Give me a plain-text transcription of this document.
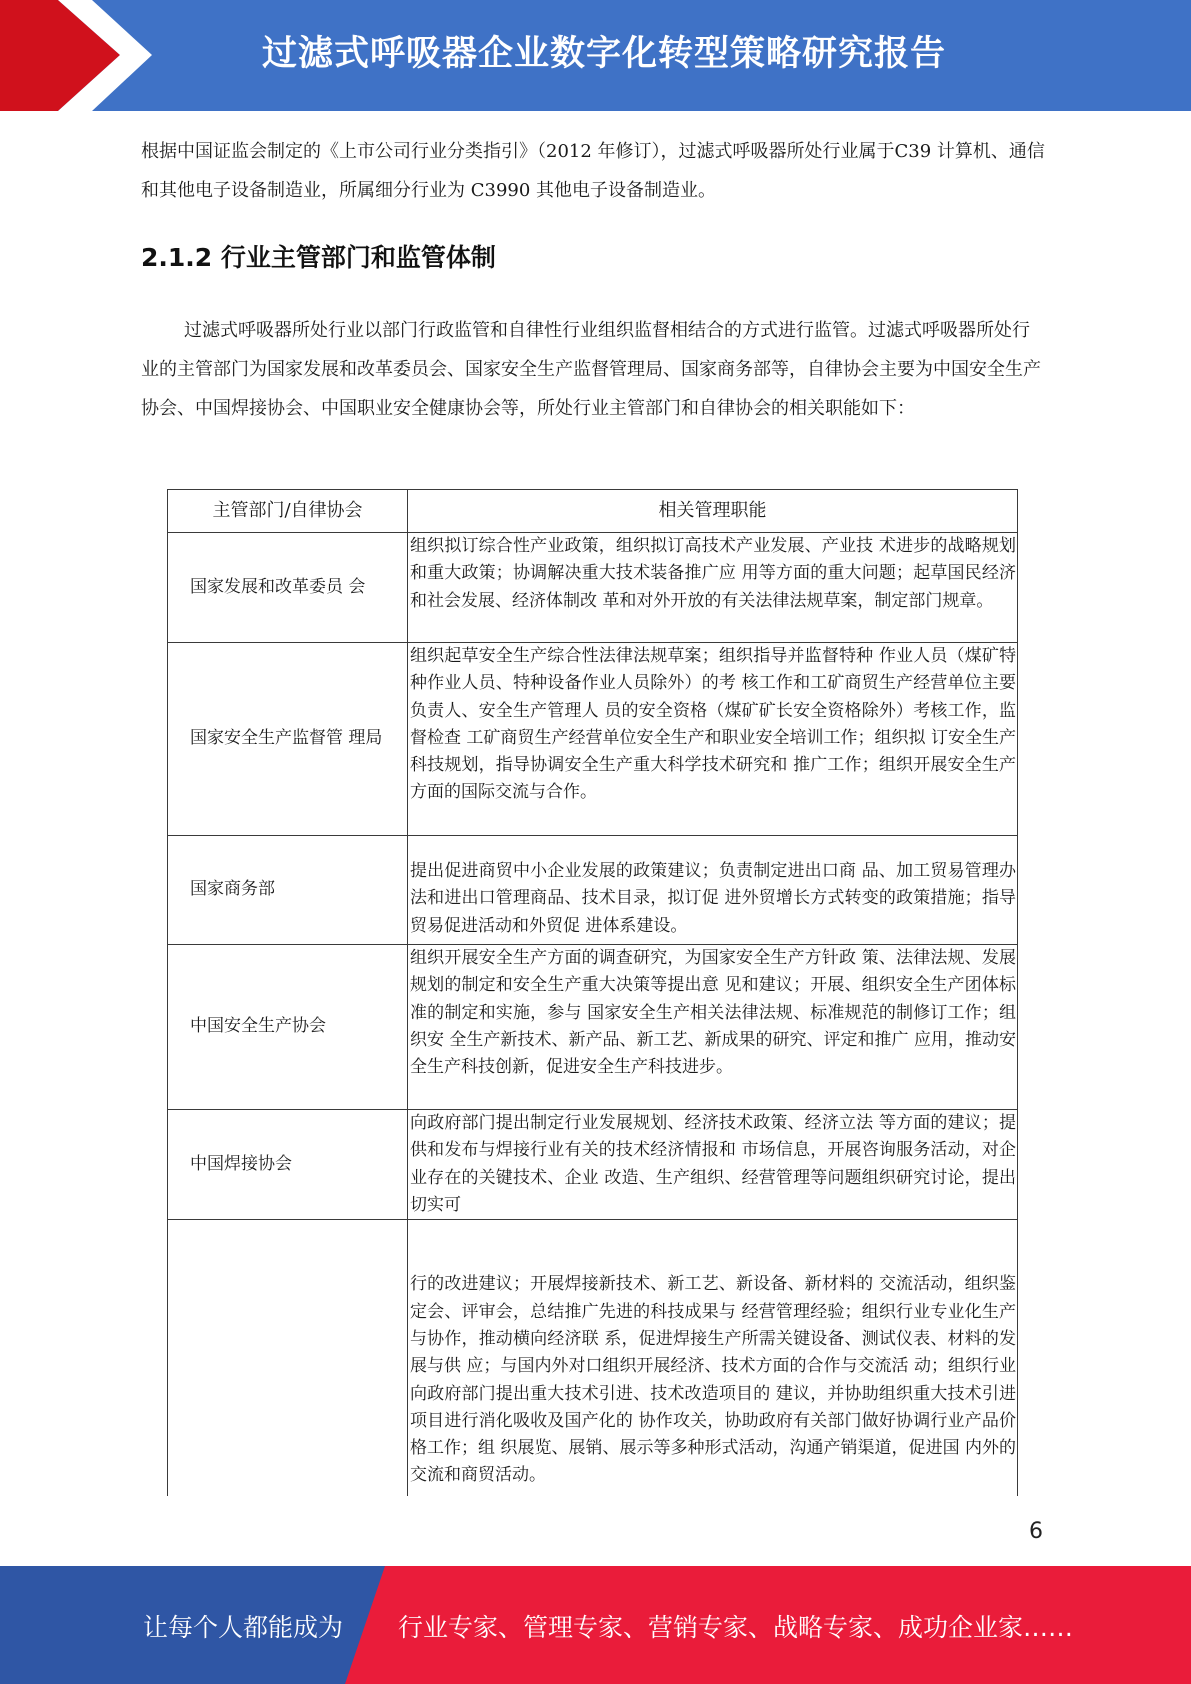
过滤式呼吸器企业数字化转型策略研究报告

根据中国证监会制定的《上市公司行业分类指引》（2012 年修订），过滤式呼吸器所处行业属于C39 计算机、通信和其他电子设备制造业，所属细分行业为 C3990 其他电子设备制造业。

2.1.2 行业主管部门和监管体制

过滤式呼吸器所处行业以部门行政监管和自律性行业组织监督相结合的方式进行监管。过滤式呼吸器所处行业的主管部门为国家发展和改革委员会、国家安全生产监督管理局、国家商务部等，自律协会主要为中国安全生产协会、中国焊接协会、中国职业安全健康协会等，所处行业主管部门和自律协会的相关职能如下：

主管部门/自律协会	相关管理职能
国家发展和改革委员 会	组织拟订综合性产业政策，组织拟订高技术产业发展、产业技 术进步的战略规划和重大政策；协调解决重大技术装备推广应 用等方面的重大问题；起草国民经济和社会发展、经济体制改 革和对外开放的有关法律法规草案，制定部门规章。
国家安全生产监督管 理局	组织起草安全生产综合性法律法规草案；组织指导并监督特种 作业人员（煤矿特种作业人员、特种设备作业人员除外）的考 核工作和工矿商贸生产经营单位主要负责人、安全生产管理人 员的安全资格（煤矿矿长安全资格除外）考核工作，监督检查 工矿商贸生产经营单位安全生产和职业安全培训工作；组织拟 订安全生产科技规划，指导协调安全生产重大科学技术研究和 推广工作；组织开展安全生产方面的国际交流与合作。
国家商务部	提出促进商贸中小企业发展的政策建议；负责制定进出口商 品、加工贸易管理办法和进出口管理商品、技术目录，拟订促 进外贸增长方式转变的政策措施；指导贸易促进活动和外贸促 进体系建设。
中国安全生产协会	组织开展安全生产方面的调查研究，为国家安全生产方针政 策、法律法规、发展规划的制定和安全生产重大决策等提出意 见和建议；开展、组织安全生产团体标准的制定和实施，参与 国家安全生产相关法律法规、标准规范的制修订工作；组织安 全生产新技术、新产品、新工艺、新成果的研究、评定和推广 应用，推动安全生产科技创新，促进安全生产科技进步。
中国焊接协会	向政府部门提出制定行业发展规划、经济技术政策、经济立法 等方面的建议；提供和发布与焊接行业有关的技术经济情报和 市场信息，开展咨询服务活动，对企业存在的关键技术、企业 改造、生产组织、经营管理等问题组织研究讨论，提出切实可
	行的改进建议；开展焊接新技术、新工艺、新设备、新材料的 交流活动，组织鉴定会、评审会，总结推广先进的科技成果与 经营管理经验；组织行业专业化生产与协作，推动横向经济联 系，促进焊接生产所需关键设备、测试仪表、材料的发展与供 应；与国内外对口组织开展经济、技术方面的合作与交流活 动；组织行业向政府部门提出重大技术引进、技术改造项目的 建议，并协助组织重大技术引进项目进行消化吸收及国产化的 协作攻关，协助政府有关部门做好协调行业产品价格工作；组 织展览、展销、展示等多种形式活动，沟通产销渠道，促进国 内外的交流和商贸活动。
6
让每个人都能成为 行业专家、管理专家、营销专家、战略专家、成功企业家……
